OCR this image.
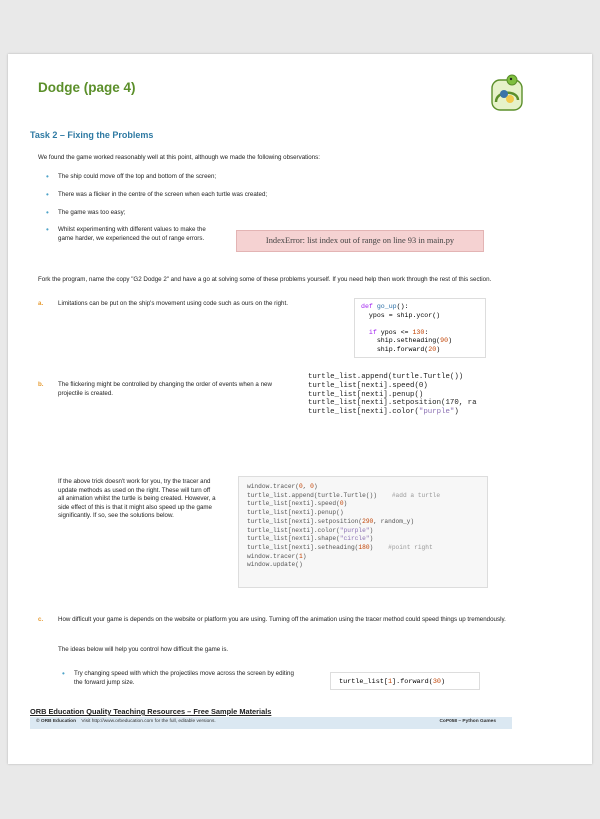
Dodge (page 4)
Task 2 – Fixing the Problems
We found the game worked reasonably well at this point, although we made the following observations:
• The ship could move off the top and bottom of the screen;
• There was a flicker in the centre of the screen when each turtle was created;
• The game was too easy;
• Whilst experimenting with different values to make the game harder, we experienced the out of range errors.	IndexError: list index out of range on line 93 in main.py
Fork the program, name the copy "G2 Dodge 2" and have a go at solving some of these problems yourself. If you need help then work through the rest of this section.
a. Limitations can be put on the ship's movement using code such as ours on the right.	def go_up():
ypos = ship.ycor()

if ypos <= 130:
ship.setheading(90)
ship.forward(20)
b. The flickering might be controlled by changing the order of events when a new projectile is created.
turtle_list.append(turtle.Turtle())
turtle_list[nexti].speed(0)
turtle_list[nexti].penup()
turtle_list[nexti].setposition(170, ra
turtle_list[nexti].color("purple")
If the above trick doesn't work for you, try the tracer and update methods as used on the right. These will turn off all animation whilst the turtle is being created. However, a side effect of this is that it might also speed up the game significantly. If so, see the solutions below.
window.tracer(0, 0)
turtle_list.append(turtle.Turtle())    #add a turtle
turtle_list[nexti].speed(0)
turtle_list[nexti].penup()
turtle_list[nexti].setposition(290, random_y)
turtle_list[nexti].color("purple")
turtle_list[nexti].shape("circle")
turtle_list[nexti].setheading(180)    #point right
window.tracer(1)
window.update()
c. How difficult your game is depends on the website or platform you are using. Turning off the animation using the tracer method could speed things up tremendously.
The ideas below will help you control how difficult the game is.
• Try changing speed with which the projectiles move across the screen by editing the forward jump size.	turtle_list[1].forward(30)
ORB Education Quality Teaching Resources – Free Sample Materials
© ORB Education Visit http://www.orbeducation.com for the full, editable versions.	CoP058 – Python Games
